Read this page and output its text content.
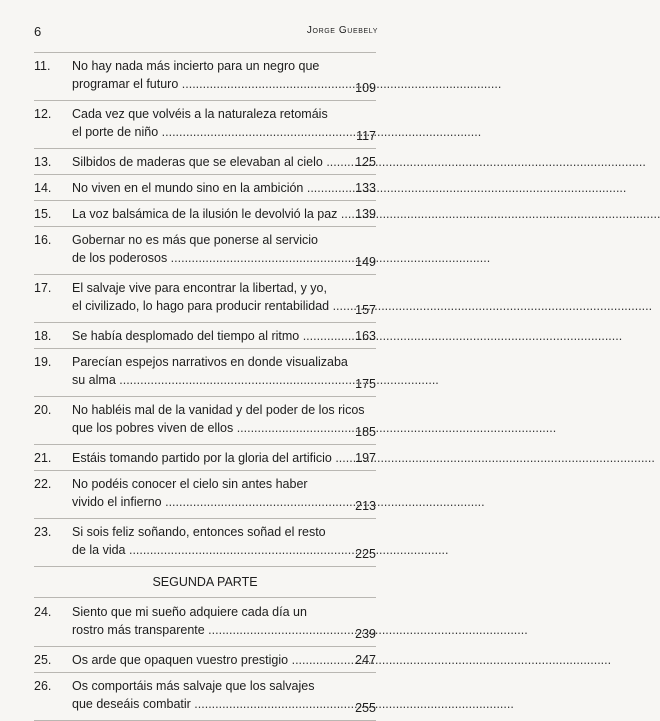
6	Jorge Guebely
11.	No hay nada más incierto para un negro que
programar el futuro .....	109
12.	Cada vez que volvéis a la naturaleza retomáis
el porte de niño .....	117
13.	Silbidos de maderas que se elevaban al cielo .....	125
14.	No viven en el mundo sino en la ambición .....	133
15.	La voz balsámica de la ilusión le devolvió la paz ..... 139
16.	Gobernar no es más que ponerse al servicio
de los poderosos .....	149
17.	El salvaje vive para encontrar la libertad, y yo,
el civilizado, lo hago para producir rentabilidad ..... 157
18.	Se había desplomado del tiempo al ritmo .....	163
19.	Parecían espejos narrativos en donde visualizaba
su alma .....	175
20.	No habléis mal de la vanidad y del poder de los ricos
que los pobres viven de ellos .....	185
21.	Estáis tomando partido por la gloria del artificio ..... 197
22.	No podéis conocer el cielo sin antes haber
vivido el infierno .....	213
23.	Si sois feliz soñando, entonces soñad el resto
de la vida .....	225
SEGUNDA PARTE
24.	Siento que mi sueño adquiere cada día un
rostro más transparente .....	239
25.	Os arde que opaquen vuestro prestigio .....	247
26.	Os comportáis más salvaje que los salvajes
que deseáis combatir .....	255
